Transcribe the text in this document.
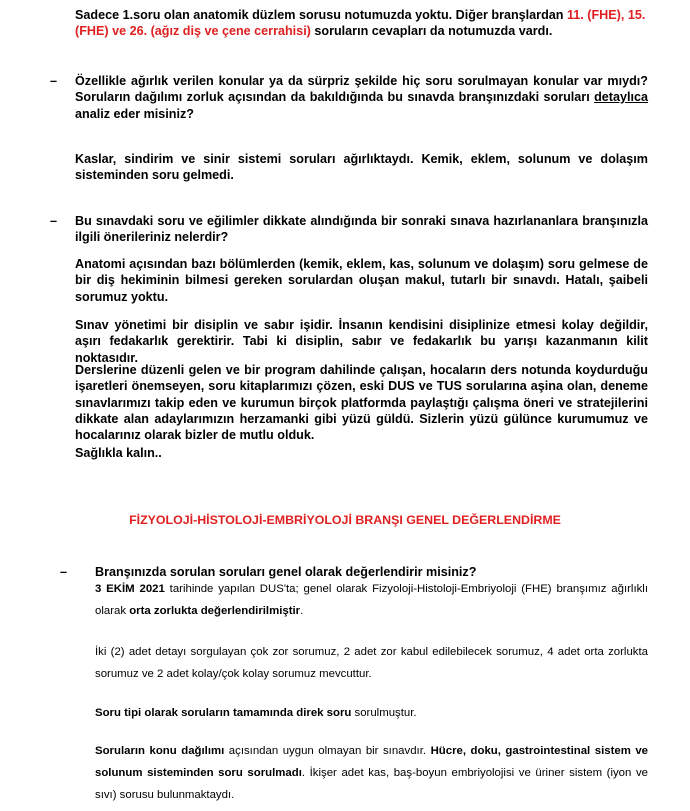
Sadece 1.soru olan anatomik düzlem sorusu notumuzda yoktu. Diğer branşlardan 11. (FHE), 15.
(FHE) ve 26. (ağız diş ve çene cerrahisi) soruların cevapları da notumuzda vardı.

– Özellikle ağırlık verilen konular ya da sürpriz şekilde hiç soru sorulmayan konular var mıydı? Soruların dağılımı zorluk açısından da bakıldığında bu sınavda branşınızdaki soruları detaylıca analiz eder misiniz?

Kaslar, sindirim ve sinir sistemi soruları ağırlıktaydı. Kemik, eklem, solunum ve dolaşım sisteminden soru gelmedi.

– Bu sınavdaki soru ve eğilimler dikkate alındığında bir sonraki sınava hazırlananlara branşınızla ilgili önerileriniz nelerdir?

Anatomi açısından bazı bölümlerden (kemik, eklem, kas, solunum ve dolaşım) soru gelmese de bir diş hekiminin bilmesi gereken sorulardan oluşan makul, tutarlı bir sınavdı. Hatalı, şaibeli sorumuz yoktu.

Sınav yönetimi bir disiplin ve sabır işidir. İnsanın kendisini disiplinize etmesi kolay değildir, aşırı fedakarlık gerektirir. Tabi ki disiplin, sabır ve fedakarlık bu yarışı kazanmanın kilit noktasıdır.

Derslerine düzenli gelen ve bir program dahilinde çalışan, hocaların ders notunda koydurduğu işaretleri önemseyen, soru kitaplarımızı çözen, eski DUS ve TUS sorularına aşina olan, deneme sınavlarımızı takip eden ve kurumun birçok platformda paylaştığı çalışma öneri ve stratejilerini dikkate alan adaylarımızın herzamanki gibi yüzü güldü. Sizlerin yüzü gülünce kurumumuz ve hocalarınız olarak bizler de mutlu olduk.

Sağlıkla kalın..

FİZYOLOJİ-HİSTOLOJİ-EMBRİYOLOJİ BRANŞI GENEL DEĞERLENDİRME
– Branşınızda sorulan soruları genel olarak değerlendirir misiniz?

3 EKİM 2021 tarihinde yapılan DUS'ta; genel olarak Fizyoloji-Histoloji-Embriyoloji (FHE) branşımız ağırlıklı olarak orta zorlukta değerlendirilmiştir.

İki (2) adet detayı sorgulayan çok zor sorumuz, 2 adet zor kabul edilebilecek sorumuz, 4 adet orta zorlukta sorumuz ve 2 adet kolay/çok kolay sorumuz mevcuttur.

Soru tipi olarak soruların tamamında direk soru sorulmuştur.

Soruların konu dağılımı açısından uygun olmayan bir sınavdır. Hücre, doku, gastrointestinal sistem ve solunum sisteminden soru sorulmadı. İkişer adet kas, baş-boyun embriyolojisi ve üriner sistem (iyon ve sıvı) sorusu bulunmaktaydı.
